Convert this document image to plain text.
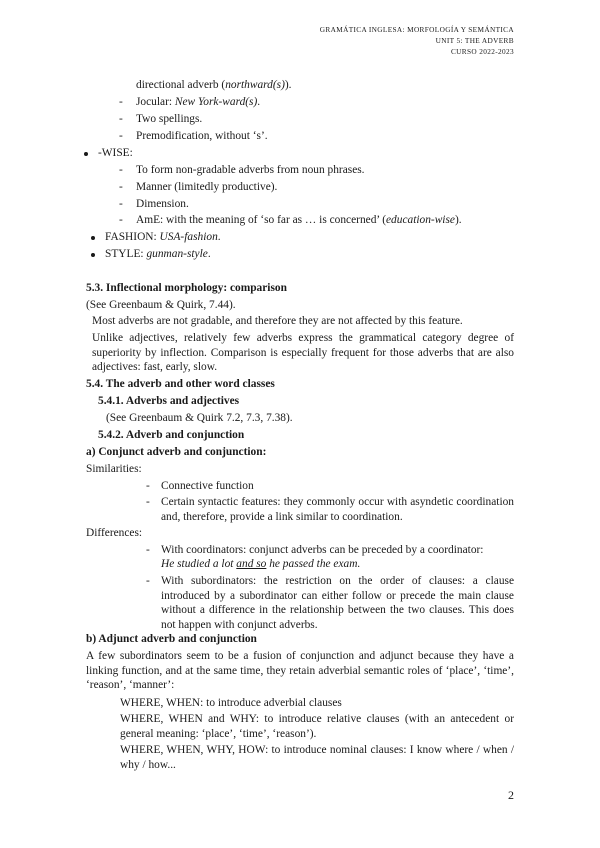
GRAMÁTICA INGLESA: MORFOLOGÍA Y SEMÁNTICA
UNIT 5: THE ADVERB
CURSO 2022-2023
directional adverb (northward(s)).
- Jocular: New York-ward(s).
- Two spellings.
- Premodification, without ‘s’.
-WISE:
- To form non-gradable adverbs from noun phrases.
- Manner (limitedly productive).
- Dimension.
- AmE: with the meaning of ‘so far as … is concerned’ (education-wise).
FASHION: USA-fashion.
STYLE: gunman-style.
5.3. Inflectional morphology: comparison
(See Greenbaum & Quirk, 7.44).
Most adverbs are not gradable, and therefore they are not affected by this feature.
Unlike adjectives, relatively few adverbs express the grammatical category degree of superiority by inflection. Comparison is especially frequent for those adverbs that are also adjectives: fast, early, slow.
5.4. The adverb and other word classes
5.4.1. Adverbs and adjectives
(See Greenbaum & Quirk 7.2, 7.3, 7.38).
5.4.2. Adverb and conjunction
a) Conjunct adverb and conjunction:
Similarities:
- Connective function
- Certain syntactic features: they commonly occur with asyndetic coordination and, therefore, provide a link similar to coordination.
Differences:
- With coordinators: conjunct adverbs can be preceded by a coordinator:
He studied a lot and so he passed the exam.
- With subordinators: the restriction on the order of clauses: a clause introduced by a subordinator can either follow or precede the main clause without a difference in the relationship between the two clauses. This does not happen with conjunct adverbs.
b) Adjunct adverb and conjunction
A few subordinators seem to be a fusion of conjunction and adjunct because they have a linking function, and at the same time, they retain adverbial semantic roles of ‘place’, ‘time’, ‘reason’, ‘manner’:
WHERE, WHEN: to introduce adverbial clauses
WHERE, WHEN and WHY: to introduce relative clauses (with an antecedent or general meaning: ‘place’, ‘time’, ‘reason’).
WHERE, WHEN, WHY, HOW: to introduce nominal clauses: I know where / when / why / how...
2
